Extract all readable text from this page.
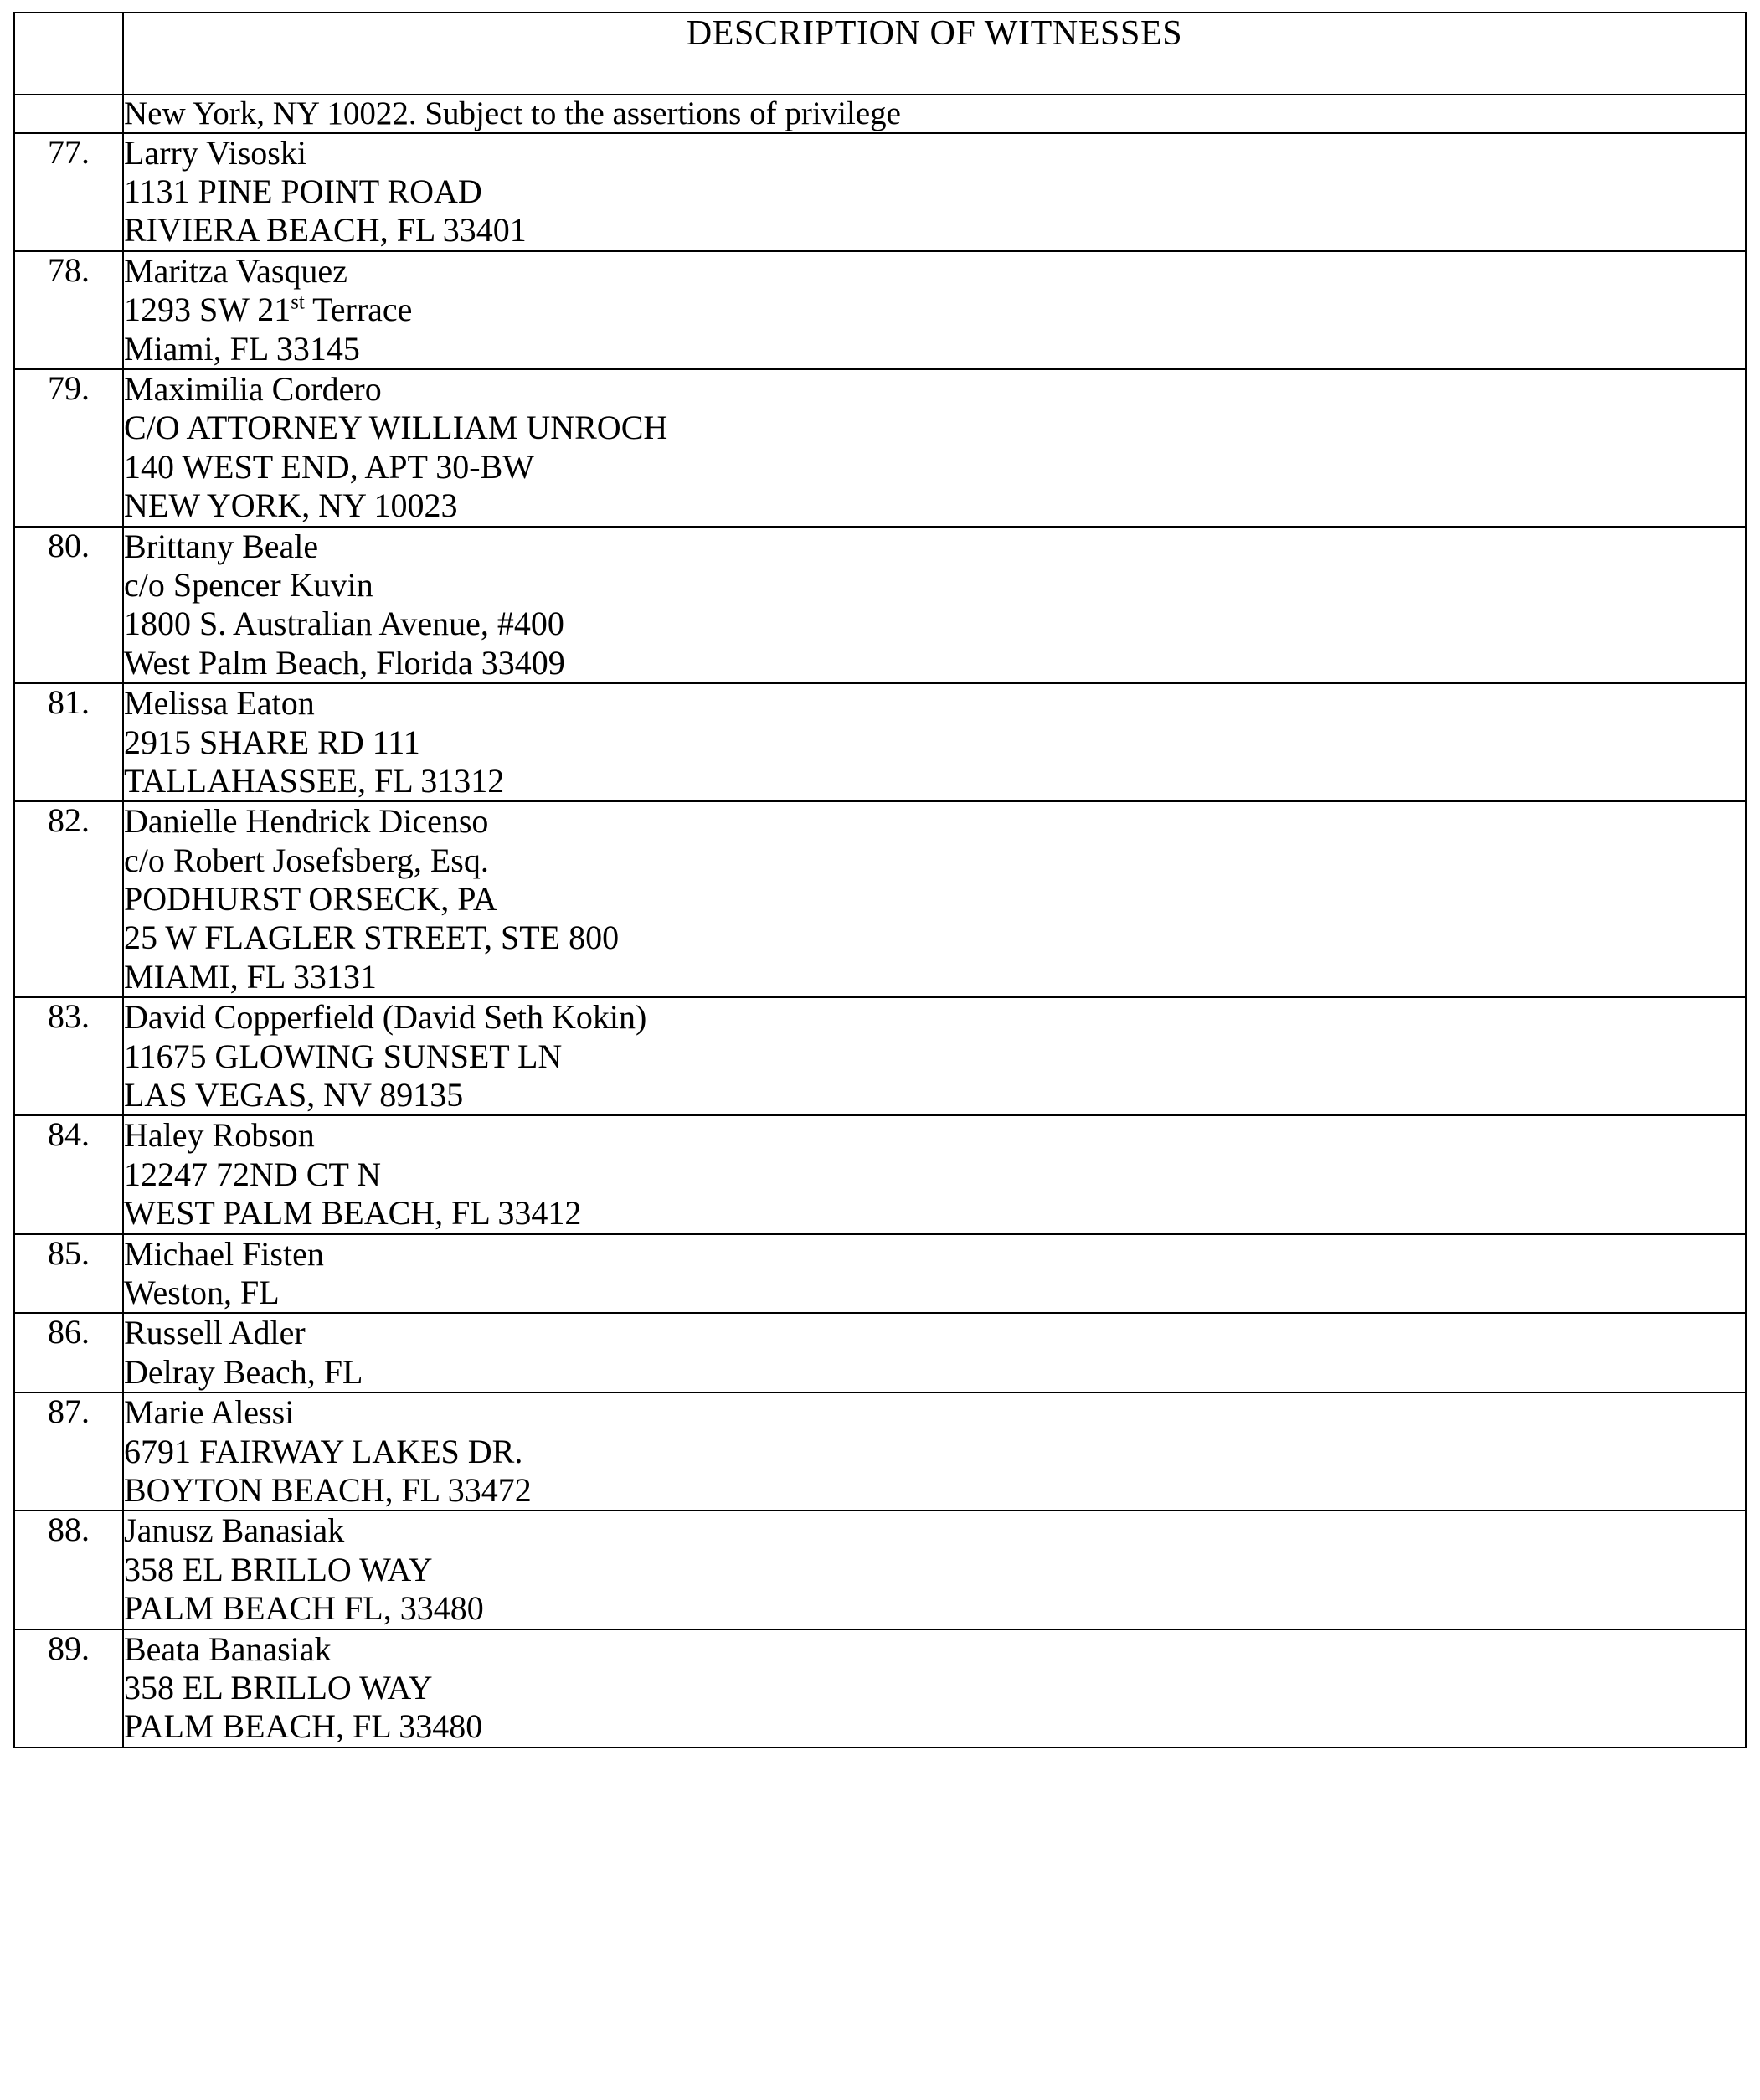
	DESCRIPTION OF WITNESSES
	New York, NY 10022. Subject to the assertions of privilege
77.	Larry Visoski
1131 PINE POINT ROAD
RIVIERA BEACH, FL 33401

78.	Maritza Vasquez
1293 SW 21st Terrace
Miami, FL 33145

79.	Maximilia Cordero
C/O ATTORNEY WILLIAM UNROCH
140 WEST END, APT 30-BW
NEW YORK, NY 10023

80.	Brittany Beale
c/o Spencer Kuvin
1800 S. Australian Avenue, #400
West Palm Beach, Florida 33409

81.	Melissa Eaton
2915 SHARE RD 111
TALLAHASSEE, FL 31312

82.	Danielle Hendrick Dicenso
c/o Robert Josefsberg, Esq.
PODHURST ORSECK, PA
25 W FLAGLER STREET, STE 800
MIAMI, FL 33131

83.	David Copperfield (David Seth Kokin)
11675 GLOWING SUNSET LN
LAS VEGAS, NV 89135

84.	Haley Robson
12247 72ND CT N
WEST PALM BEACH, FL 33412

85.	Michael Fisten
Weston, FL

86.	Russell Adler
Delray Beach, FL

87.	Marie Alessi
6791 FAIRWAY LAKES DR.
BOYTON BEACH, FL 33472

88.	Janusz Banasiak
358 EL BRILLO WAY
PALM BEACH FL, 33480

89.	Beata Banasiak
358 EL BRILLO WAY
PALM BEACH, FL 33480
